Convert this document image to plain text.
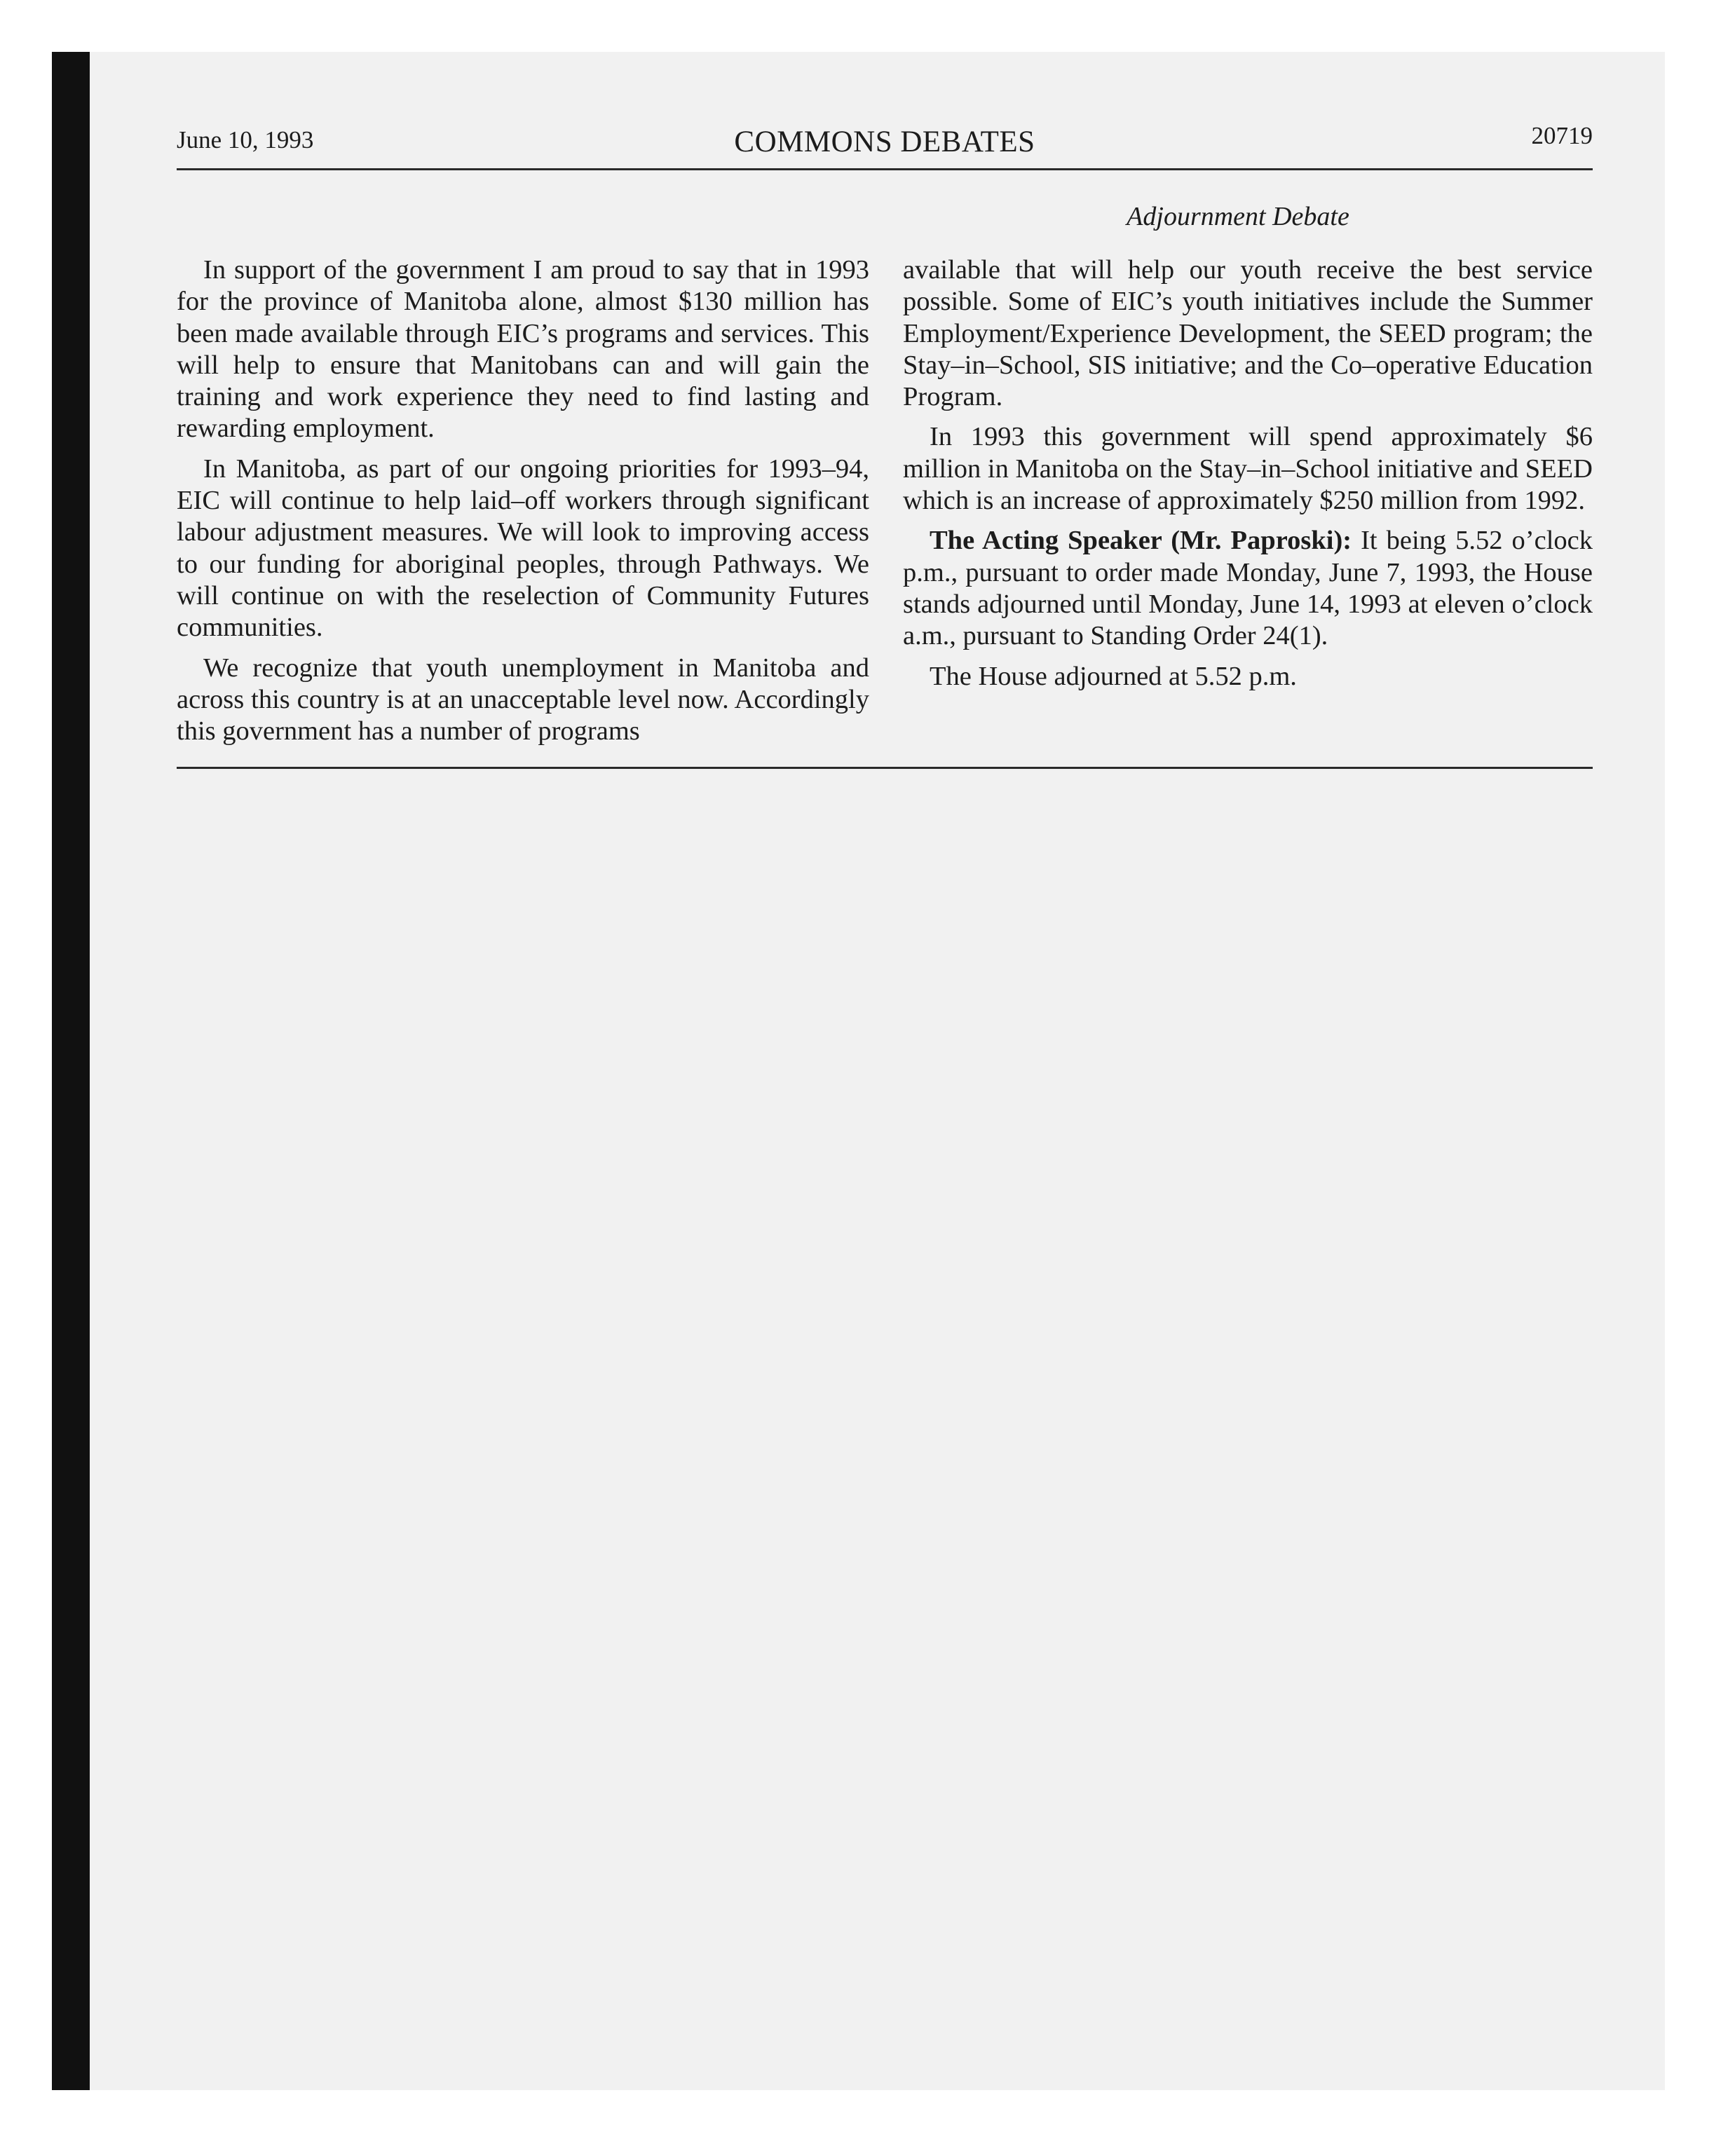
June 10, 1993	COMMONS DEBATES	20719
Adjournment Debate

In support of the government I am proud to say that in 1993 for the province of Manitoba alone, almost $130 million has been made available through EIC’s programs and services. This will help to ensure that Manitobans can and will gain the training and work experience they need to find lasting and rewarding employment.

In Manitoba, as part of our ongoing priorities for 1993–94, EIC will continue to help laid–off workers through significant labour adjustment measures. We will look to improving access to our funding for aboriginal peoples, through Pathways. We will continue on with the reselection of Community Futures communities.

We recognize that youth unemployment in Manitoba and across this country is at an unacceptable level now. Accordingly this government has a number of programs

available that will help our youth receive the best service possible. Some of EIC’s youth initiatives include the Summer Employment/Experience Development, the SEED program; the Stay–in–School, SIS initiative; and the Co–operative Education Program.

In 1993 this government will spend approximately $6 million in Manitoba on the Stay–in–School initiative and SEED which is an increase of approximately $250 million from 1992.

The Acting Speaker (Mr. Paproski): It being 5.52 o’clock p.m., pursuant to order made Monday, June 7, 1993, the House stands adjourned until Monday, June 14, 1993 at eleven o’clock a.m., pursuant to Standing Order 24(1).

The House adjourned at 5.52 p.m.
